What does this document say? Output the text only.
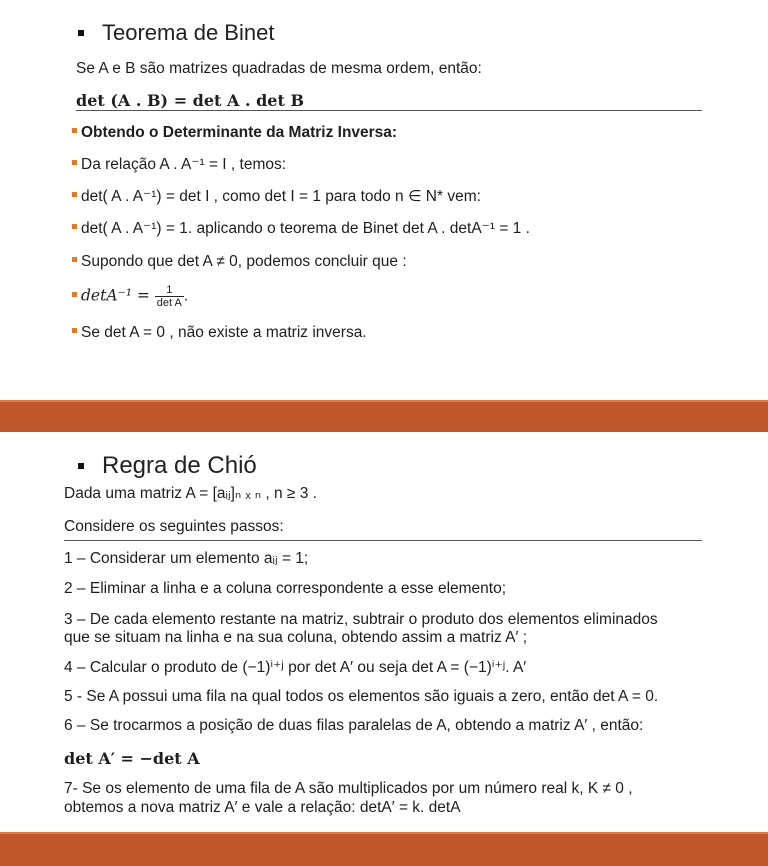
Teorema de Binet
Se A e B são matrizes quadradas de mesma ordem, então:
det (A . B) = det A . det B
Obtendo o Determinante da Matriz Inversa:
Da relação A . A⁻¹ = I , temos:
det( A . A⁻¹) = det I , como det I = 1 para todo n ∈ N* vem:
det( A . A⁻¹) = 1. aplicando o teorema de Binet det A . detA⁻¹ = 1 .
Supondo que det A ≠ 0, podemos concluir que :
$\det A^{-1} = \frac{1}{\text{det A}}$ .
Se det A = 0 , não existe a matriz inversa.
Regra de Chió
Dada uma matriz A = [aᵢⱼ]ₙ ₓ ₙ , n ≥ 3 .
Considere os seguintes passos:
1 – Considerar um elemento aᵢⱼ = 1;
2 – Eliminar a linha e a coluna correspondente a esse elemento;
3 – De cada elemento restante na matriz, subtrair o produto dos elementos eliminados
que se situam na linha e na sua coluna, obtendo assim a matriz A′ ;
4 – Calcular o produto de (−1)ⁱ⁺ʲ por det A′ ou seja det A = (−1)ⁱ⁺ʲ. A′
5 - Se A possui uma fila na qual todos os elementos são iguais a zero, então det A = 0.
6 – Se trocarmos a posição de duas filas paralelas de A, obtendo a matriz A′ , então:
det A′ = −det A
7- Se os elemento de uma fila de A são multiplicados por um número real k, K ≠ 0 ,
obtemos a nova matriz A′ e vale a relação: detA′ = k. detA
